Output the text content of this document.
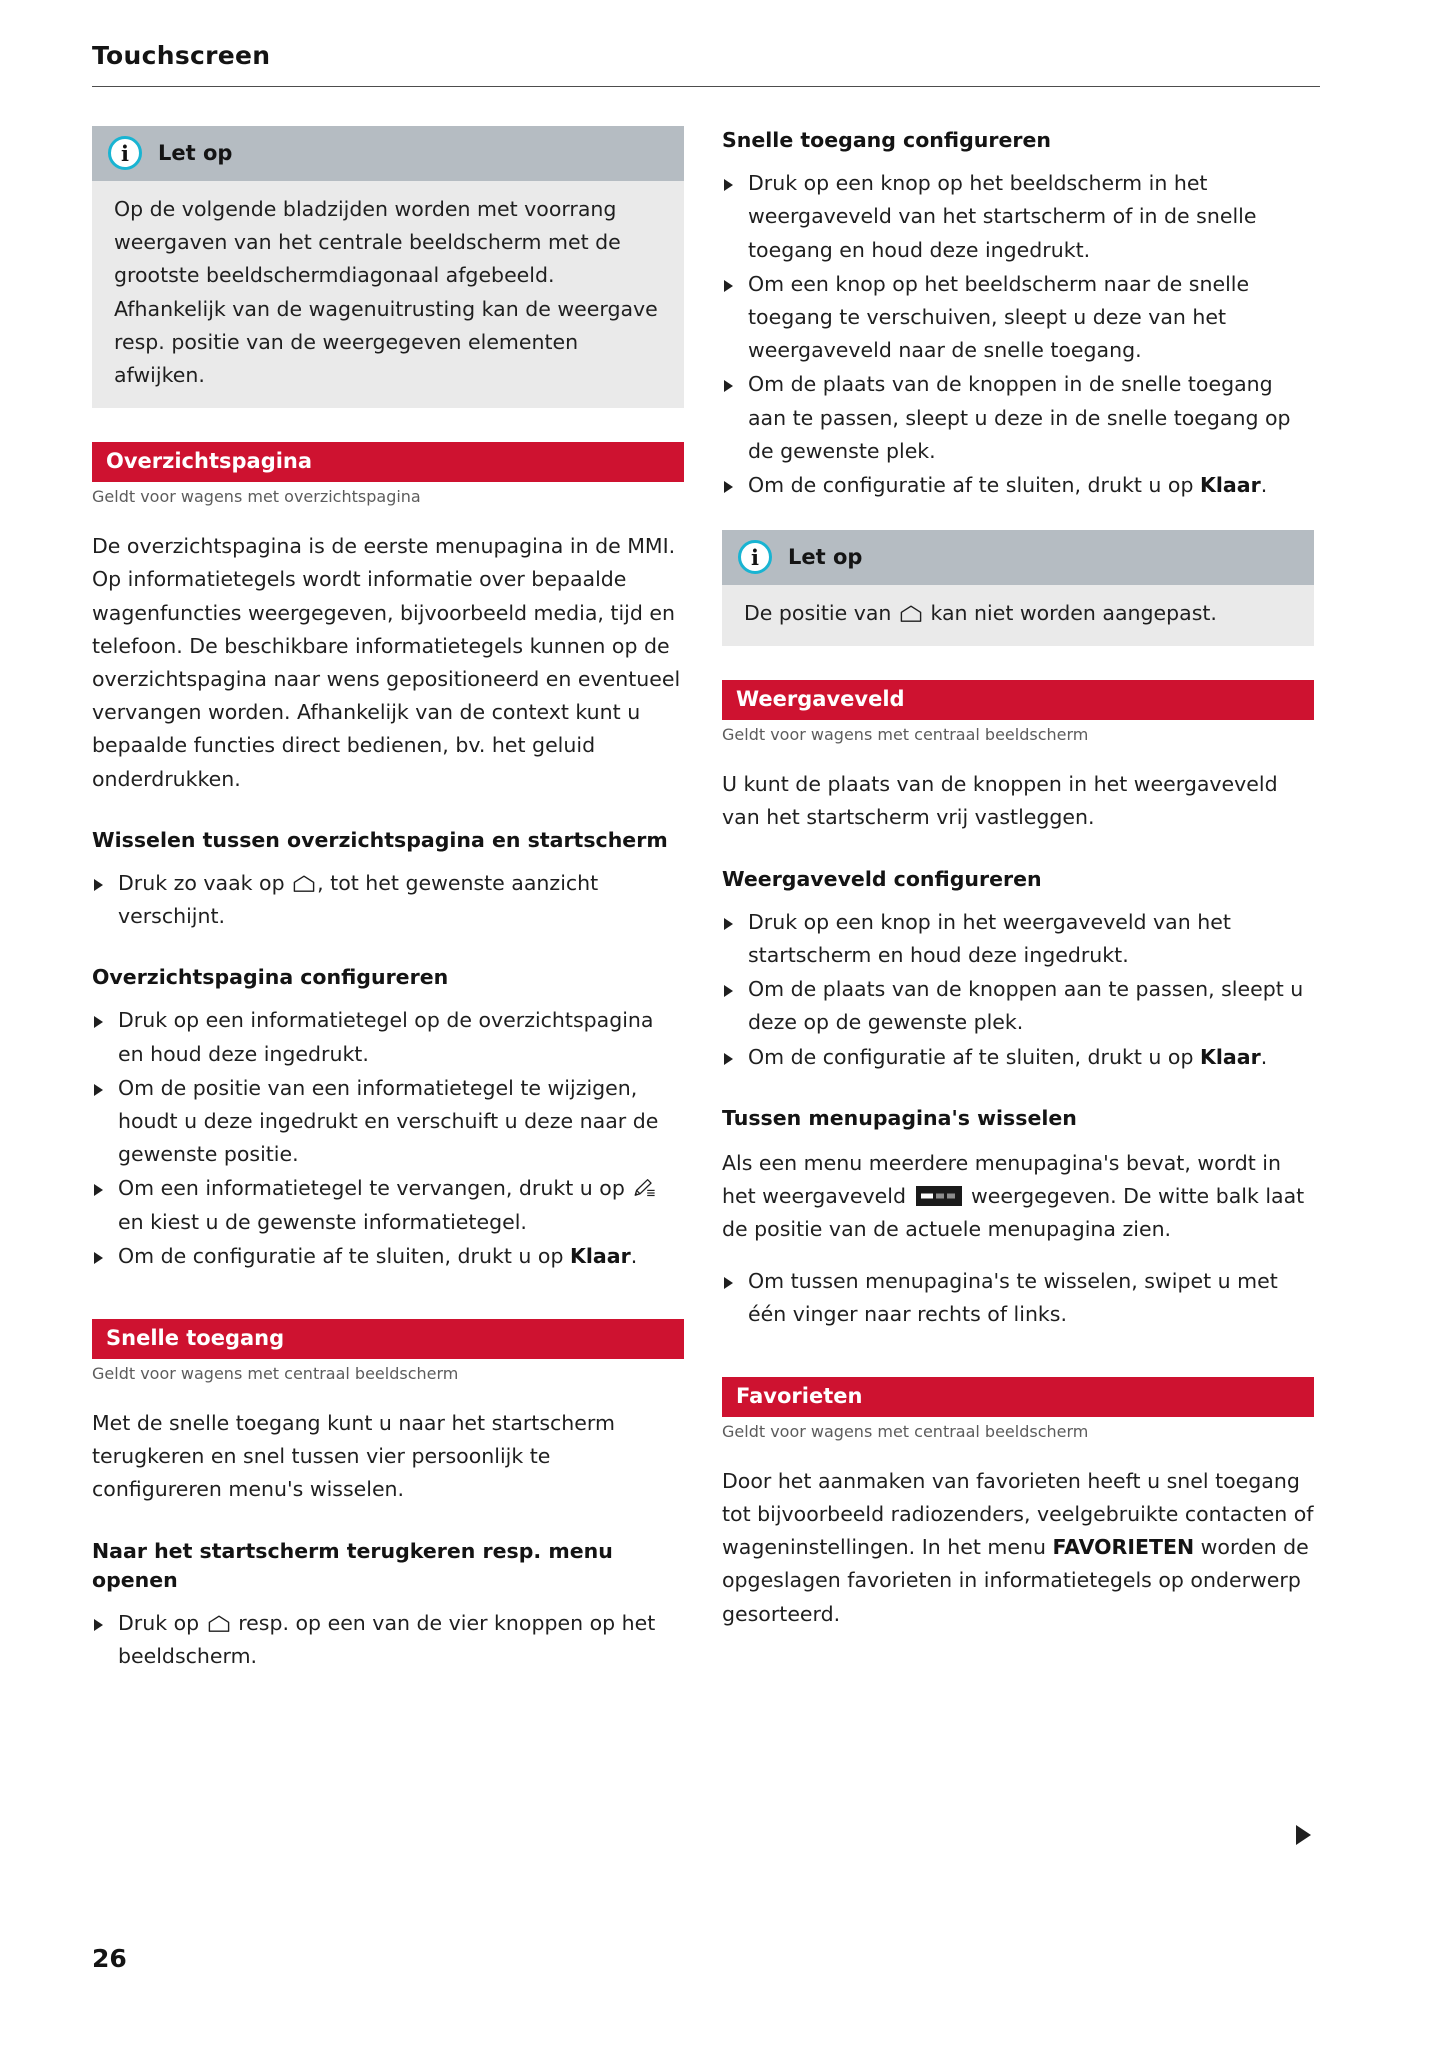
Touchscreen
i	Let op

Op de volgende bladzijden worden met voorrang weergaven van het centrale beeldscherm met de grootste beeldschermdiagonaal afgebeeld. Afhankelijk van de wagenuitrusting kan de weergave resp. positie van de weergegeven elementen afwijken.

Overzichtspagina
Geldt voor wagens met overzichtspagina

De overzichtspagina is de eerste menupagina in de MMI. Op informatietegels wordt informatie over bepaalde wagenfuncties weergegeven, bijvoorbeeld media, tijd en telefoon. De beschikbare informatietegels kunnen op de overzichtspagina naar wens gepositioneerd en eventueel vervangen worden. Afhankelijk van de context kunt u bepaalde functies direct bedienen, bv. het geluid onderdrukken.

Wisselen tussen overzichtspagina en startscherm
Druk zo vaak op
, tot het gewenste aanzicht verschijnt.
Overzichtspagina configureren
Druk op een informatietegel op de overzichtspagina en houd deze ingedrukt.
Om de positie van een informatietegel te wijzigen, houdt u deze ingedrukt en verschuift u deze naar de gewenste positie.
Om een informatietegel te vervangen, drukt u op
en kiest u de gewenste informatietegel.
Om de configuratie af te sluiten, drukt u op Klaar.
Snelle toegang
Geldt voor wagens met centraal beeldscherm

Met de snelle toegang kunt u naar het startscherm terugkeren en snel tussen vier persoonlijk te configureren menu's wisselen.

Naar het startscherm terugkeren resp. menu openen
Druk op
resp. op een van de vier knoppen op het beeldscherm.
Snelle toegang configureren
Druk op een knop op het beeldscherm in het weergaveveld van het startscherm of in de snelle toegang en houd deze ingedrukt.
Om een knop op het beeldscherm naar de snelle toegang te verschuiven, sleept u deze van het weergaveveld naar de snelle toegang.
Om de plaats van de knoppen in de snelle toegang aan te passen, sleept u deze in de snelle toegang op de gewenste plek.
Om de configuratie af te sluiten, drukt u op Klaar.
i	Let op

De positie van
kan niet worden aangepast.

Weergaveveld
Geldt voor wagens met centraal beeldscherm

U kunt de plaats van de knoppen in het weergaveveld van het startscherm vrij vastleggen.

Weergaveveld configureren
Druk op een knop in het weergaveveld van het startscherm en houd deze ingedrukt.
Om de plaats van de knoppen aan te passen, sleept u deze op de gewenste plek.
Om de configuratie af te sluiten, drukt u op Klaar.
Tussen menupagina's wisselen

Als een menu meerdere menupagina's bevat, wordt in het weergaveveld	weergegeven. De witte balk laat de positie van de actuele menupagina zien.

Om tussen menupagina's te wisselen, swipet u met één vinger naar rechts of links.
Favorieten
Geldt voor wagens met centraal beeldscherm

Door het aanmaken van favorieten heeft u snel toegang tot bijvoorbeeld radiozenders, veelgebruikte contacten of wageninstellingen. In het menu FAVORIETEN worden de opgeslagen favorieten in informatietegels op onderwerp gesorteerd.

26
